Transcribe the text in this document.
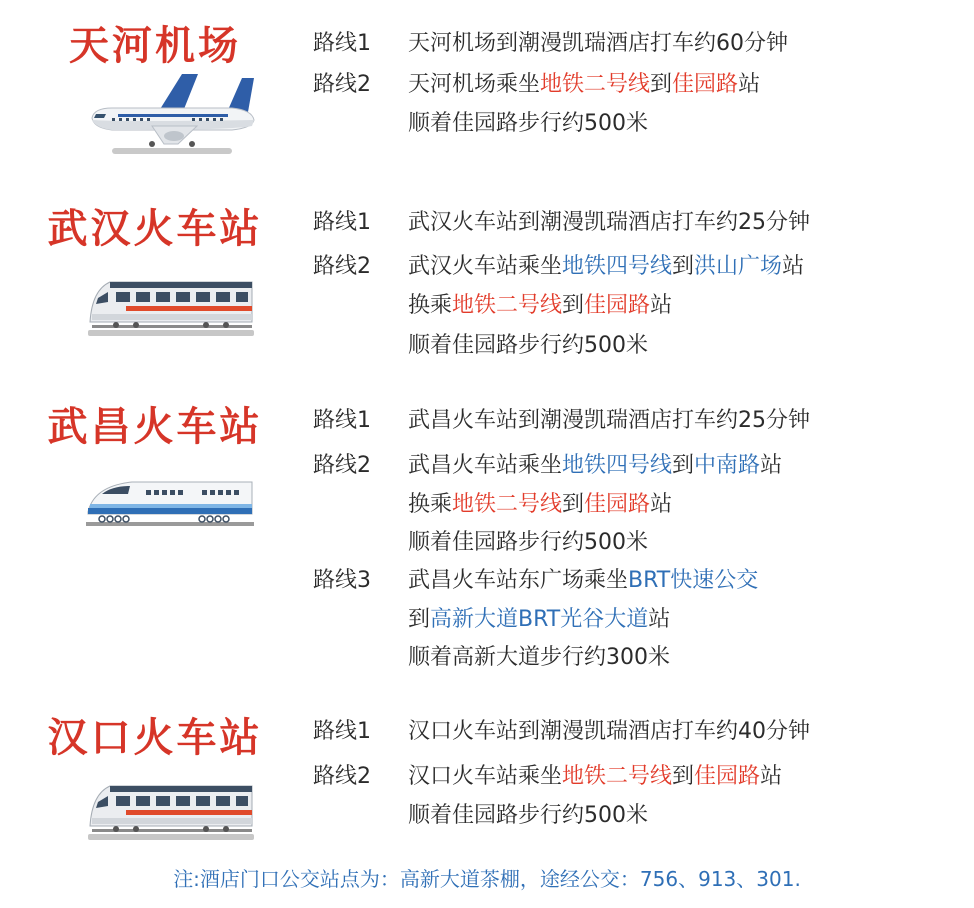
天河机场	路线1 天河机场到潮漫凯瑞酒店打车约60分钟
路线2 天河机场乘坐地铁二号线到佳园路站
顺着佳园路步行约500米
武汉火车站	路线1 武汉火车站到潮漫凯瑞酒店打车约25分钟
路线2 武汉火车站乘坐地铁四号线到洪山广场站
换乘地铁二号线到佳园路站
顺着佳园路步行约500米
武昌火车站	路线1 武昌火车站到潮漫凯瑞酒店打车约25分钟
路线2 武昌火车站乘坐地铁四号线到中南路站
换乘地铁二号线到佳园路站
顺着佳园路步行约500米
路线3 武昌火车站东广场乘坐BRT快速公交
到高新大道BRT光谷大道站
顺着高新大道步行约300米
汉口火车站	路线1 汉口火车站到潮漫凯瑞酒店打车约40分钟
路线2 汉口火车站乘坐地铁二号线到佳园路站
顺着佳园路步行约500米
注:酒店门口公交站点为：高新大道茶棚，途经公交：756、913、301.
